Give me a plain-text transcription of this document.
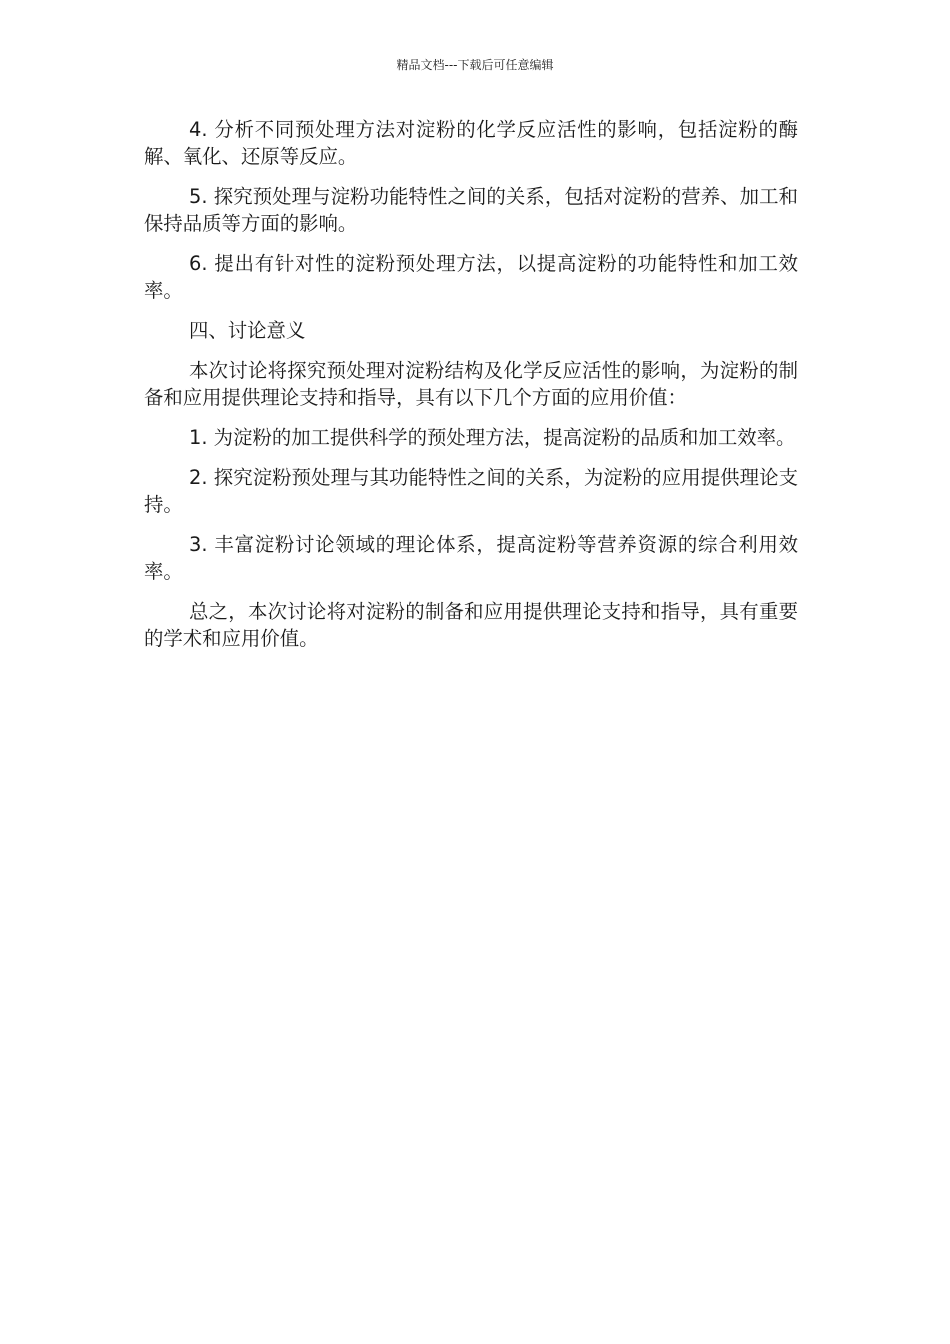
精品文档---下载后可任意编辑

4. 分析不同预处理方法对淀粉的化学反应活性的影响，包括淀粉的酶解、氧化、还原等反应。

5. 探究预处理与淀粉功能特性之间的关系，包括对淀粉的营养、加工和保持品质等方面的影响。

6. 提出有针对性的淀粉预处理方法，以提高淀粉的功能特性和加工效率。

四、讨论意义

本次讨论将探究预处理对淀粉结构及化学反应活性的影响，为淀粉的制备和应用提供理论支持和指导，具有以下几个方面的应用价值：

1. 为淀粉的加工提供科学的预处理方法，提高淀粉的品质和加工效率。

2. 探究淀粉预处理与其功能特性之间的关系，为淀粉的应用提供理论支持。

3. 丰富淀粉讨论领域的理论体系，提高淀粉等营养资源的综合利用效率。

总之，本次讨论将对淀粉的制备和应用提供理论支持和指导，具有重要的学术和应用价值。
